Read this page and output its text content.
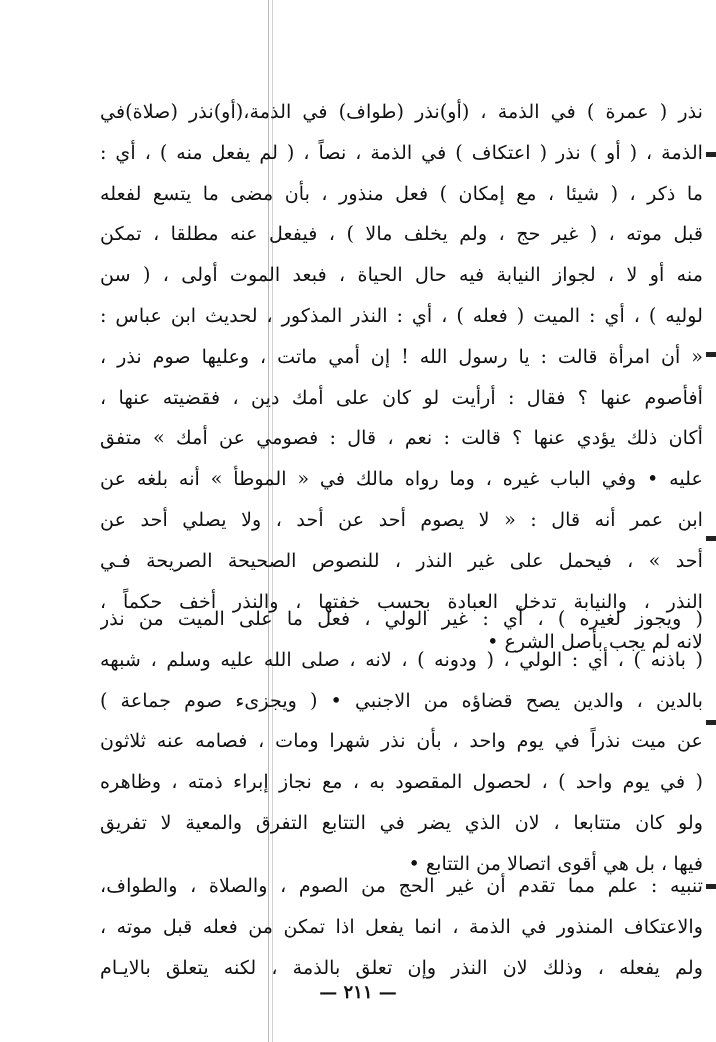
نذر ( عمرة ) في الذمة ، (أو)نذر (طواف) في الذمة،(أو)نذر (صلاة)في
الذمة ، ( أو ) نذر ( اعتكاف ) في الذمة ، نصاً ، ( لم يفعل منه ) ، أي :
ما ذكر ، ( شيئا ، مع إمكان ) فعل منذور ، بأن مضى ما يتسع لفعله
قبل موته ، ( غير حج ، ولم يخلف مالا ) ، فيفعل عنه مطلقا ، تمكن
منه أو لا ، لجواز النيابة فيه حال الحياة ، فبعد الموت أولى ، ( سن
لوليه ) ، أي : الميت ( فعله ) ، أي : النذر المذكور ، لحديث ابن عباس :
« أن امرأة قالت : يا رسول الله ! إن أمي ماتت ، وعليها صوم نذر ،
أفأصوم عنها ؟ فقال : أرأيت لو كان على أمك دين ، فقضيته عنها ،
أكان ذلك يؤدي عنها ؟ قالت : نعم ، قال : فصومي عن أمك » متفق
عليه • وفي الباب غيره ، وما رواه مالك في « الموطأ » أنه بلغه عن
ابن عمر أنه قال : « لا يصوم أحد عن أحد ، ولا يصلي أحد عن
أحد » ، فيحمل على غير النذر ، للنصوص الصحيحة الصريحة فـي
النذر ، والنيابة تدخل العبادة بحسب خفتها ، والنذر أخف حكماً ،
لانه لم يجب بأصل الشرع •
( ويجوز لغيره ) ، أي : غير الولي ، فعل ما على الميت من نذر
( باذنه ) ، أي : الولي ، ( ودونه ) ، لانه ، صلى الله عليه وسلم ، شبهه
بالدين ، والدين يصح قضاؤه من الاجنبي • ( ويجزىء صوم جماعة )
عن ميت نذراً في يوم واحد ، بأن نذر شهرا ومات ، فصامه عنه ثلاثون
( في يوم واحد ) ، لحصول المقصود به ، مع نجاز إبراء ذمته ، وظاهره
ولو كان متتابعا ، لان الذي يضر في التتابع التفرق والمعية لا تفريق
فيها ، بل هي أقوى اتصالا من التتابع •
تنبيه : علم مما تقدم أن غير الحج من الصوم ، والصلاة ، والطواف،
والاعتكاف المنذور في الذمة ، انما يفعل اذا تمكن من فعله قبل موته ،
ولم يفعله ، وذلك لان النذر وإن تعلق بالذمة ، لكنه يتعلق بالايـام
— ٢١١ —
